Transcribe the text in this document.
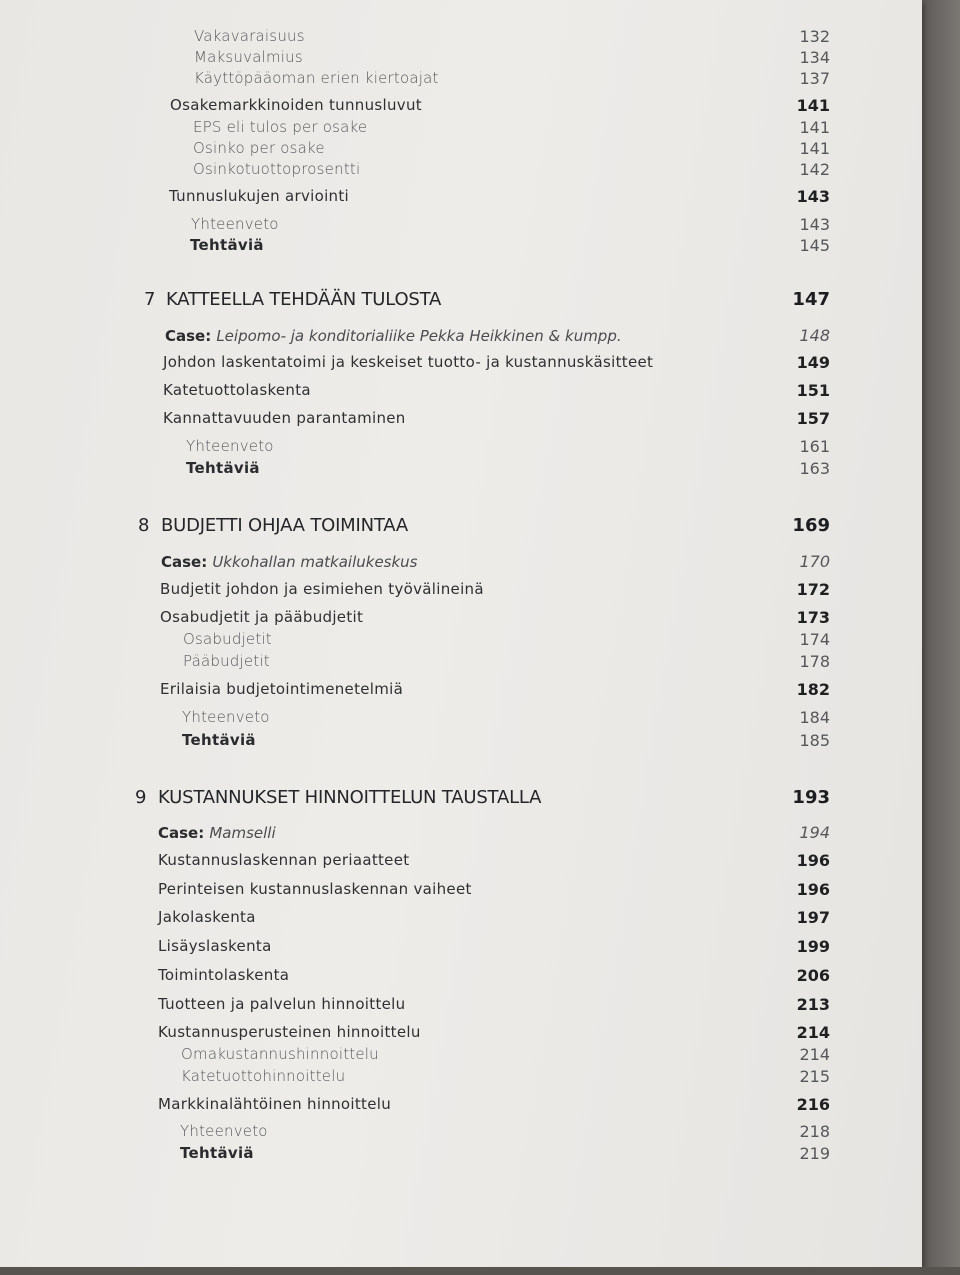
Vakavaraisuus	132
Maksuvalmius	134
Käyttöpääoman erien kiertoajat	137
Osakemarkkinoiden tunnusluvut	141
EPS eli tulos per osake	141
Osinko per osake	141
Osinkotuottoprosentti	142
Tunnuslukujen arviointi	143
Yhteenveto	143
Tehtäviä	145
7 KATTEELLA TEHDÄÄN TULOSTA	147
Case: Leipomo- ja konditorialiike Pekka Heikkinen & kumpp.	148
Johdon laskentatoimi ja keskeiset tuotto- ja kustannuskäsitteet	149
Katetuottolaskenta	151
Kannattavuuden parantaminen	157
Yhteenveto	161
Tehtäviä	163
8 BUDJETTI OHJAA TOIMINTAA	169
Case: Ukkohallan matkailukeskus	170
Budjetit johdon ja esimiehen työvälineinä	172
Osabudjetit ja pääbudjetit	173
Osabudjetit	174
Pääbudjetit	178
Erilaisia budjetointimenetelmiä	182
Yhteenveto	184
Tehtäviä	185
9 KUSTANNUKSET HINNOITTELUN TAUSTALLA	193
Case: Mamselli	194
Kustannuslaskennan periaatteet	196
Perinteisen kustannuslaskennan vaiheet	196
Jakolaskenta	197
Lisäyslaskenta	199
Toimintolaskenta	206
Tuotteen ja palvelun hinnoittelu	213
Kustannusperusteinen hinnoittelu	214
Omakustannushinnoittelu	214
Katetuottohinnoittelu	215
Markkinalähtöinen hinnoittelu	216
Yhteenveto	218
Tehtäviä	219
